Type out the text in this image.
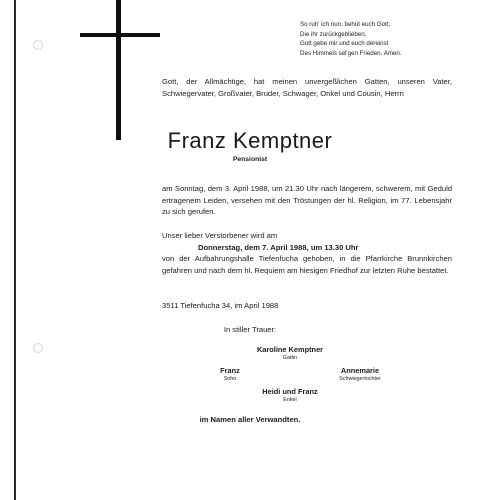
So ruh' ich nun, behüt euch Gott,
Die ihr zurückgeblieben,
Gott gebe mir und euch dereinst
Des Himmels sel'gen Frieden. Amen.
Gott, der Allmächtige, hat meinen unvergeßlichen Gatten, unseren Vater, Schwiegervater, Großvater, Bruder, Schwager, Onkel und Cousin, Herrn
Franz Kemptner
Pensionist
am Sonntag, dem 3. April 1988, um 21.30 Uhr nach längerem, schwerem, mit Geduld ertragenem Leiden, versehen mit den Tröstungen der hl. Religion, im 77. Lebensjahr zu sich gerufen.
Unser lieber Verstorbener wird am
Donnerstag, dem 7. April 1988, um 13.30 Uhr
von der Aufbahrungshalle Tiefenfucha gehoben, in die Pfarrkirche Brunnkirchen gefahren und nach dem hl. Requiem am hiesigen Friedhof zur letzten Ruhe bestattet.
3511 Tiefenfucha 34, im April 1988
In stiller Trauer:
Karoline Kemptner
Gattin
Franz
Sohn
Annemarie
Schwiegertochter
Heidi und Franz
Enkel
im Namen aller Verwandten.
